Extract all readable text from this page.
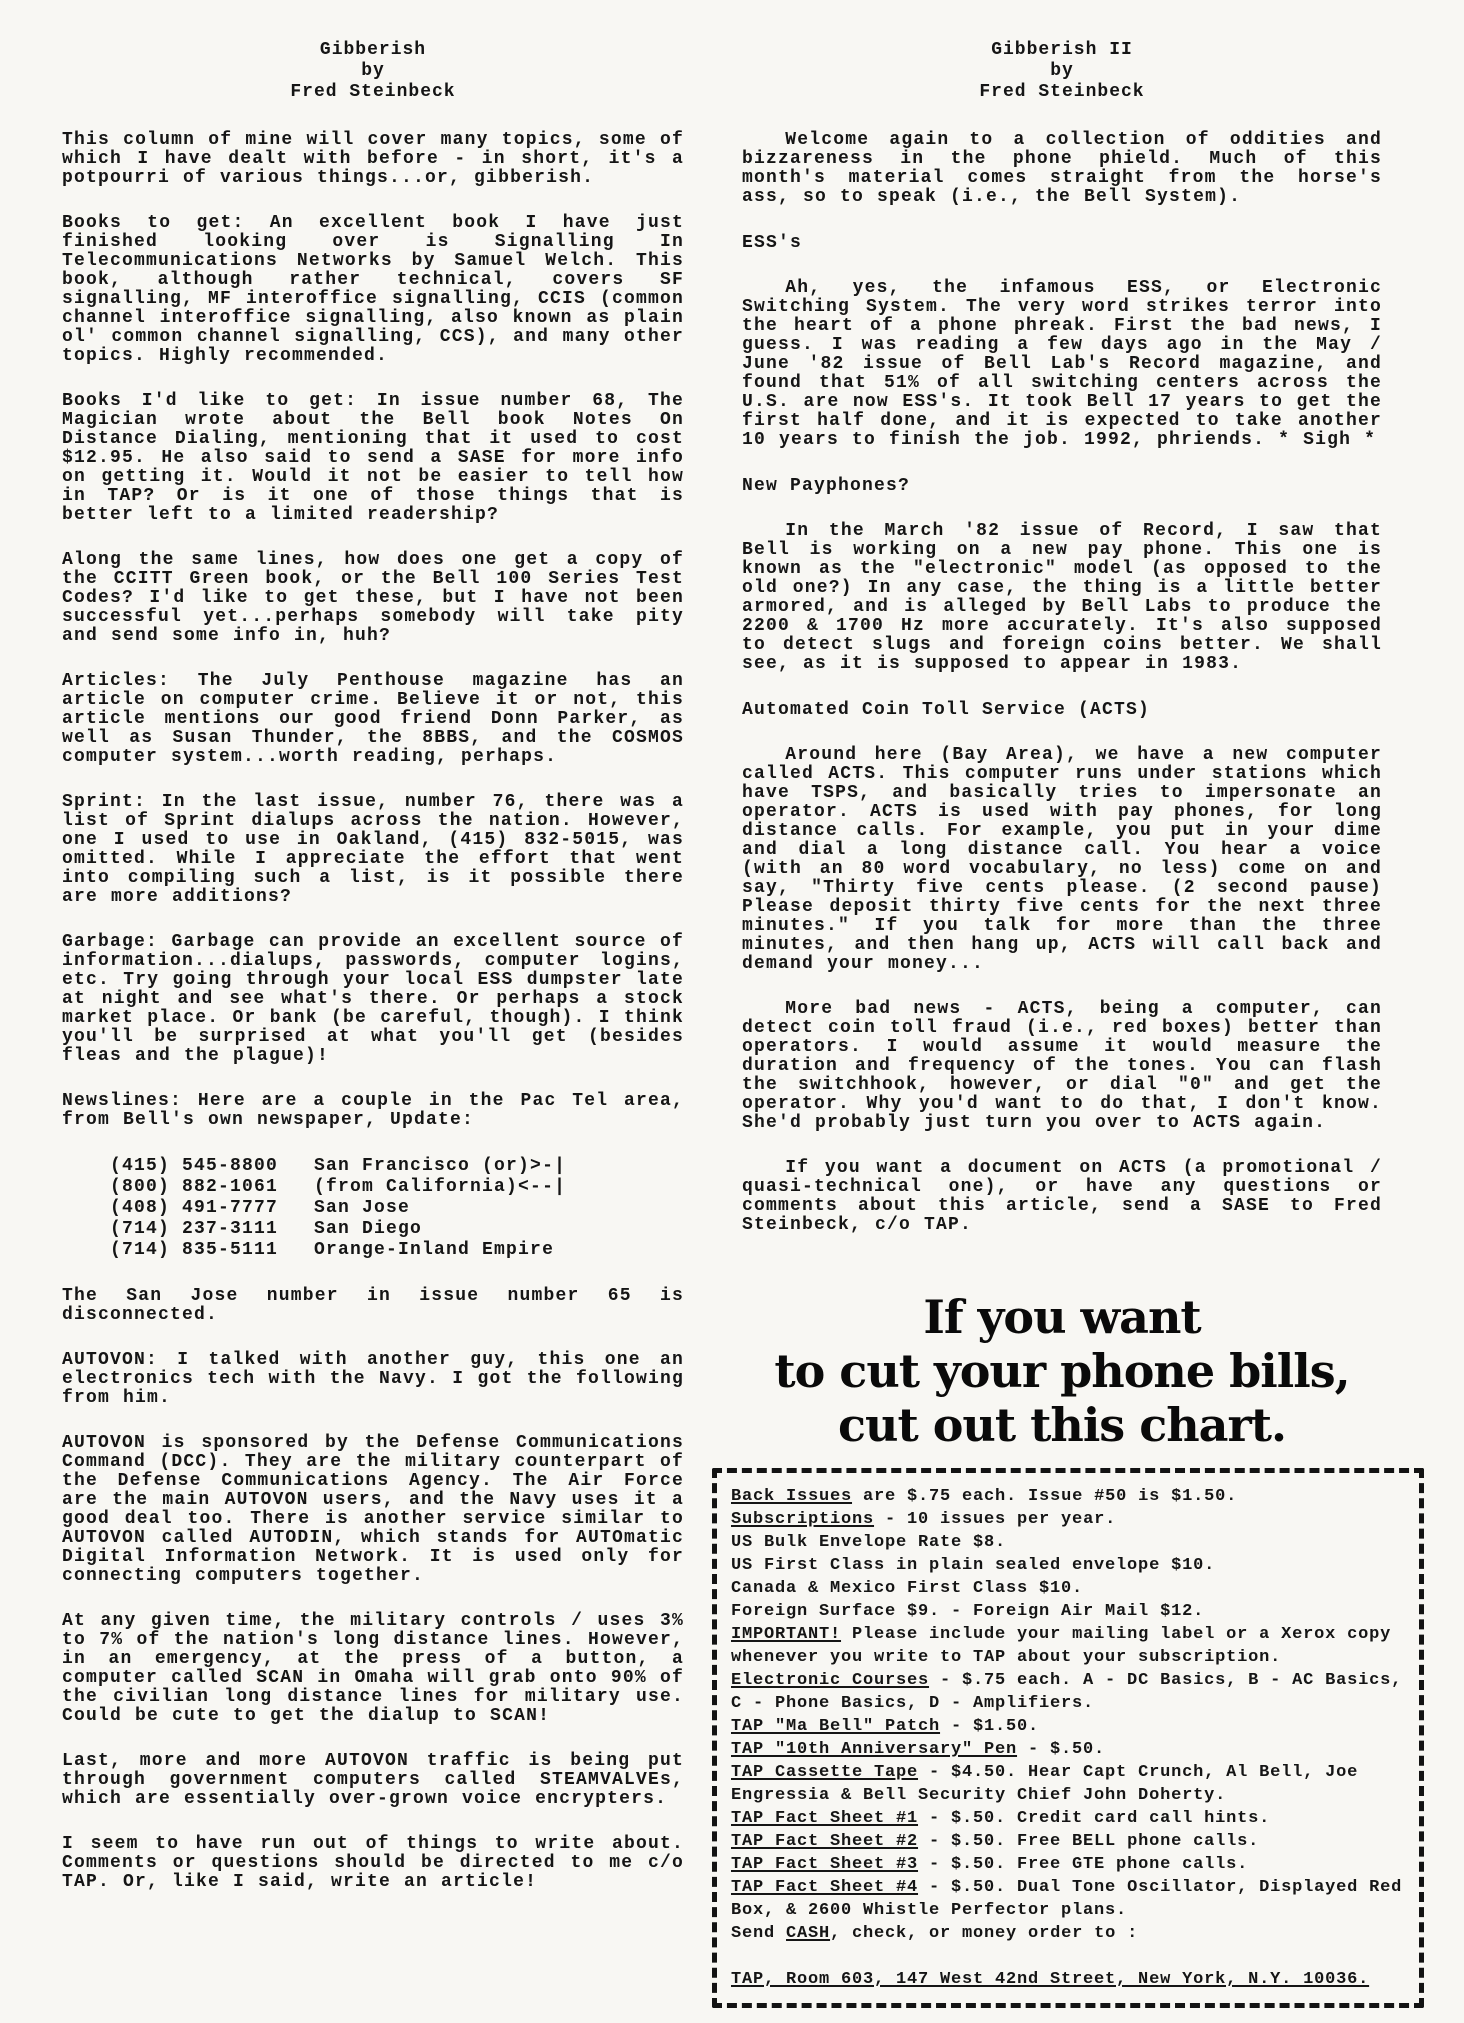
Gibberish
by
Fred Steinbeck

This column of mine will cover many topics, some of which I have dealt with before - in short, it's a potpourri of various things...or, gibberish.

Books to get: An excellent book I have just finished looking over is Signalling In Telecommunications Networks by Samuel Welch. This book, although rather technical, covers SF signalling, MF interoffice signalling, CCIS (common channel interoffice signalling, also known as plain ol' common channel signalling, CCS), and many other topics. Highly recommended.

Books I'd like to get: In issue number 68, The Magician wrote about the Bell book Notes On Distance Dialing, mentioning that it used to cost $12.95. He also said to send a SASE for more info on getting it. Would it not be easier to tell how in TAP? Or is it one of those things that is better left to a limited readership?

Along the same lines, how does one get a copy of the CCITT Green book, or the Bell 100 Series Test Codes? I'd like to get these, but I have not been successful yet...perhaps somebody will take pity and send some info in, huh?

Articles: The July Penthouse magazine has an article on computer crime. Believe it or not, this article mentions our good friend Donn Parker, as well as Susan Thunder, the 8BBS, and the COSMOS computer system...worth reading, perhaps.

Sprint: In the last issue, number 76, there was a list of Sprint dialups across the nation. However, one I used to use in Oakland, (415) 832-5015, was omitted. While I appreciate the effort that went into compiling such a list, is it possible there are more additions?

Garbage: Garbage can provide an excellent source of information...dialups, passwords, computer logins, etc. Try going through your local ESS dumpster late at night and see what's there. Or perhaps a stock market place. Or bank (be careful, though). I think you'll be surprised at what you'll get (besides fleas and the plague)!

Newslines: Here are a couple in the Pac Tel area, from Bell's own newspaper, Update:

(415) 545-8800   San Francisco (or)>-|
(800) 882-1061   (from California)<--|
(408) 491-7777   San Jose
(714) 237-3111   San Diego
(714) 835-5111   Orange-Inland Empire

The San Jose number in issue number 65 is disconnected.

AUTOVON: I talked with another guy, this one an electronics tech with the Navy. I got the following from him.

AUTOVON is sponsored by the Defense Communications Command (DCC). They are the military counterpart of the Defense Communications Agency. The Air Force are the main AUTOVON users, and the Navy uses it a good deal too. There is another service similar to AUTOVON called AUTODIN, which stands for AUTOmatic Digital Information Network. It is used only for connecting computers together.

At any given time, the military controls / uses 3% to 7% of the nation's long distance lines. However, in an emergency, at the press of a button, a computer called SCAN in Omaha will grab onto 90% of the civilian long distance lines for military use. Could be cute to get the dialup to SCAN!

Last, more and more AUTOVON traffic is being put through government computers called STEAMVALVEs, which are essentially over-grown voice encrypters.

I seem to have run out of things to write about. Comments or questions should be directed to me c/o TAP. Or, like I said, write an article!

Gibberish II
by
Fred Steinbeck

Welcome again to a collection of oddities and bizzareness in the phone phield. Much of this month's material comes straight from the horse's ass, so to speak (i.e., the Bell System).

ESS's

Ah, yes, the infamous ESS, or Electronic Switching System. The very word strikes terror into the heart of a phone phreak. First the bad news, I guess. I was reading a few days ago in the May / June '82 issue of Bell Lab's Record magazine, and found that 51% of all switching centers across the U.S. are now ESS's. It took Bell 17 years to get the first half done, and it is expected to take another 10 years to finish the job. 1992, phriends. * Sigh *

New Payphones?

In the March '82 issue of Record, I saw that Bell is working on a new pay phone. This one is known as the "electronic" model (as opposed to the old one?) In any case, the thing is a little better armored, and is alleged by Bell Labs to produce the 2200 & 1700 Hz more accurately. It's also supposed to detect slugs and foreign coins better. We shall see, as it is supposed to appear in 1983.

Automated Coin Toll Service (ACTS)

Around here (Bay Area), we have a new computer called ACTS. This computer runs under stations which have TSPS, and basically tries to impersonate an operator. ACTS is used with pay phones, for long distance calls. For example, you put in your dime and dial a long distance call. You hear a voice (with an 80 word vocabulary, no less) come on and say, "Thirty five cents please. (2 second pause) Please deposit thirty five cents for the next three minutes." If you talk for more than the three minutes, and then hang up, ACTS will call back and demand your money...

More bad news - ACTS, being a computer, can detect coin toll fraud (i.e., red boxes) better than operators. I would assume it would measure the duration and frequency of the tones. You can flash the switchhook, however, or dial "0" and get the operator. Why you'd want to do that, I don't know. She'd probably just turn you over to ACTS again.

If you want a document on ACTS (a promotional / quasi-technical one), or have any questions or comments about this article, send a SASE to Fred Steinbeck, c/o TAP.

If you want
to cut your phone bills,
cut out this chart.
Back Issues are $.75 each. Issue #50 is $1.50.
Subscriptions - 10 issues per year.
US Bulk Envelope Rate $8.
US First Class in plain sealed envelope $10.
Canada & Mexico First Class $10.
Foreign Surface $9. - Foreign Air Mail $12.
IMPORTANT! Please include your mailing label or a Xerox copy whenever you write to TAP about your subscription.
Electronic Courses - $.75 each. A - DC Basics, B - AC Basics, C - Phone Basics, D - Amplifiers.
TAP "Ma Bell" Patch - $1.50.
TAP "10th Anniversary" Pen - $.50.
TAP Cassette Tape - $4.50. Hear Capt Crunch, Al Bell, Joe Engressia & Bell Security Chief John Doherty.
TAP Fact Sheet #1 - $.50. Credit card call hints.
TAP Fact Sheet #2 - $.50. Free BELL phone calls.
TAP Fact Sheet #3 - $.50. Free GTE phone calls.
TAP Fact Sheet #4 - $.50. Dual Tone Oscillator, Displayed Red Box, & 2600 Whistle Perfector plans.
Send CASH, check, or money order to :
TAP, Room 603, 147 West 42nd Street, New York, N.Y. 10036.
